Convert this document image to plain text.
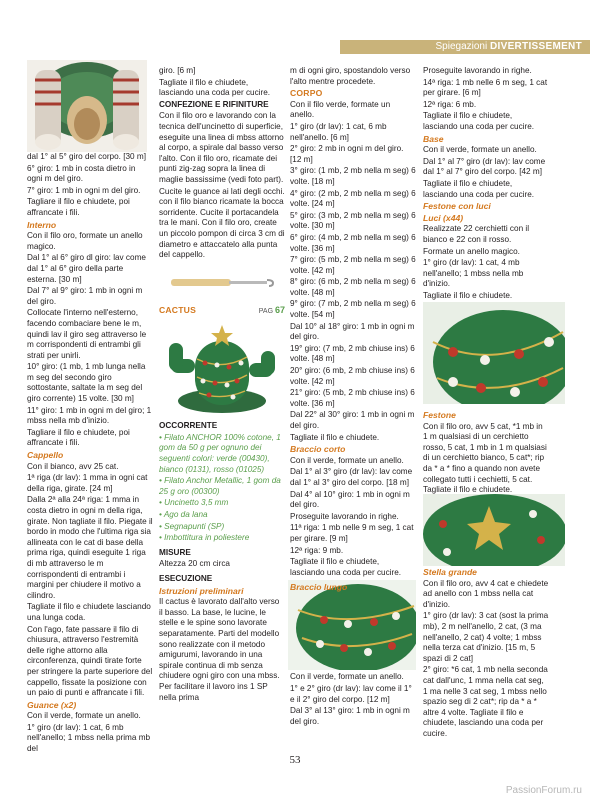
Spiegazioni DIVERTISSEMENT

dal 1° al 5° giro del corpo. [30 m]

6° giro: 1 mb in costa dietro in ogni m del giro.

7° giro: 1 mb in ogni m del giro.

Tagliare il filo e chiudete, poi affrancate i fili.

Interno

Con il filo oro, formate un anello magico.

Dal 1° al 6° giro dl giro: lav come dal 1° al 6° giro della parte esterna. [30 m]

Dal 7° al 9° giro: 1 mb in ogni m del giro.

Collocate l'interno nell'esterno, facendo combaciare bene le m, quindi lav il giro seg attraverso le m corrispondenti di entrambi gli strati per unirli.

10° giro: (1 mb, 1 mb lunga nella m seg del secondo giro sottostante, saltate la m seg del giro corrente) 15 volte. [30 m]

11° giro: 1 mb in ogni m del giro; 1 mbss nella mb d'inizio.

Tagliare il filo e chiudete, poi affrancate i fili.

Cappello

Con il bianco, avv 25 cat.

1ª riga (dr lav): 1 mma in ogni cat della riga, girate. [24 m]

Dalla 2ª alla 24ª riga: 1 mma in costa dietro in ogni m della riga, girate. Non tagliate il filo. Piegate il bordo in modo che l'ultima riga sia allineata con le cat di base della prima riga, quindi eseguite 1 riga di mb attraverso le m corrispondenti di entrambi i margini per chiudere il motivo a cilindro.

Tagliate il filo e chiudete lasciando una lunga coda.

Con l'ago, fate passare il filo di chiusura, attraverso l'estremità delle righe attorno alla circonferenza, quindi tirate forte per stringere la parte superiore del cappello, fissate la posizione con un paio di punti e affrancate i fili.

Guance (x2)

Con il verde, formate un anello.

1° giro (dr lav): 1 cat, 6 mb nell'anello; 1 mbss nella prima mb del

giro. [6 m]

Tagliate il filo e chiudete, lasciando una coda per cucire.

CONFEZIONE E RIFINITURE

Con il filo oro e lavorando con la tecnica dell'uncinetto di superficie, eseguite una linea di mbss attorno al corpo, a spirale dal basso verso l'alto. Con il filo oro, ricamate dei punti zig-zag sopra la linea di maglie bassissime (vedi foto part).

Cucite le guance ai lati degli occhi. con il filo bianco ricamate la bocca sorridente. Cucite il portacandela tra le mani. Con il filo oro, create un piccolo pompon di circa 3 cm di diametro e attaccatelo alla punta del cappello.

CACTUS	PAG 67

OCCORRENTE

• Filato ANCHOR 100% cotone, 1 gom da 50 g per ognuno dei seguenti colori: verde (00430), bianco (0131), rosso (01025)

• Filato Anchor Metallic, 1 gom da 25 g oro (00300)

• Uncinetto 3,5 mm

• Ago da lana

• Segnapunti (SP)

• Imbottitura in poliestere

MISURE

Altezza 20 cm circa

ESECUZIONE

Istruzioni preliminari

Il cactus è lavorato dall'alto verso il basso. La base, le lucine, le stelle e le spine sono lavorate separatamente. Parti del modello sono realizzate con il metodo amigurumi, lavorando in una spirale continua di mb senza chiudere ogni giro con una mbss. Per facilitare il lavoro ins 1 SP nella prima

m di ogni giro, spostandolo verso l'alto mentre procedete.

CORPO

Con il filo verde, formate un anello.

1° giro (dr lav): 1 cat, 6 mb nell'anello. [6 m]

2° giro: 2 mb in ogni m del giro. [12 m]

3° giro: (1 mb, 2 mb nella m seg) 6 volte. [18 m]

4° giro: (2 mb, 2 mb nella m seg) 6 volte. [24 m]

5° giro: (3 mb, 2 mb nella m seg) 6 volte. [30 m]

6° giro: (4 mb, 2 mb nella m seg) 6 volte. [36 m]

7° giro: (5 mb, 2 mb nella m seg) 6 volte. [42 m]

8° giro: (6 mb, 2 mb nella m seg) 6 volte. [48 m]

9° giro: (7 mb, 2 mb nella m seg) 6 volte. [54 m]

Dal 10° al 18° giro: 1 mb in ogni m del giro.

19° giro: (7 mb, 2 mb chiuse ins) 6 volte. [48 m]

20° giro: (6 mb, 2 mb chiuse ins) 6 volte. [42 m]

21° giro: (5 mb, 2 mb chiuse ins) 6 volte. [36 m]

Dal 22° al 30° giro: 1 mb in ogni m del giro.

Tagliate il filo e chiudete.

Braccio corto

Con il verde, formate un anello.

Dal 1° al 3° giro (dr lav): lav come dal 1° al 3° giro del corpo. [18 m]

Dal 4° al 10° giro: 1 mb in ogni m del giro.

Proseguite lavorando in righe.

11ª riga: 1 mb nelle 9 m seg, 1 cat per girare. [9 m]

12ª riga: 9 mb.

Tagliate il filo e chiudete, lasciando una coda per cucire.

Braccio lungo

Con il verde, formate un anello.

1° e 2° giro (dr lav): lav come il 1° e il 2° giro del corpo. [12 m]

Dal 3° al 13° giro: 1 mb in ogni m del giro.

Proseguite lavorando in righe.

14ª riga: 1 mb nelle 6 m seg, 1 cat per girare. [6 m]

12ª riga: 6 mb.

Tagliate il filo e chiudete, lasciando una coda per cucire.

Base

Con il verde, formate un anello.

Dal 1° al 7° giro (dr lav): lav come dal 1° al 7° giro del corpo. [42 m]

Tagliate il filo e chiudete, lasciando una coda per cucire.

Festone con luci

Luci (x44)

Realizzate 22 cerchietti con il bianco e 22 con il rosso.

Formate un anello magico.

1° giro (dr lav): 1 cat, 4 mb nell'anello; 1 mbss nella mb d'inizio.

Tagliate il filo e chiudete.

Festone

Con il filo oro, avv 5 cat, *1 mb in 1 m qualsiasi di un cerchietto rosso, 5 cat, 1 mb in 1 m qualsiasi di un cerchietto bianco, 5 cat*; rip da * a * fino a quando non avete collegato tutti i cechietti, 5 cat. Tagliate il filo e chiudete.

Stella grande

Con il filo oro, avv 4 cat e chiedete ad anello con 1 mbss nella cat d'inizio.

1° giro (dr lav): 3 cat (sost la prima mb), 2 m nell'anello, 2 cat, (3 ma nell'anello, 2 cat) 4 volte; 1 mbss nella terza cat d'inizio. [15 m, 5 spazi di 2 cat]

2° giro: *6 cat, 1 mb nella seconda cat dall'unc, 1 mma nella cat seg, 1 ma nelle 3 cat seg, 1 mbss nello spazio seg di 2 cat*; rip da * a * altre 4 volte. Tagliate il filo e chiudete, lasciando una coda per cucire.

53
PassionForum.ru
